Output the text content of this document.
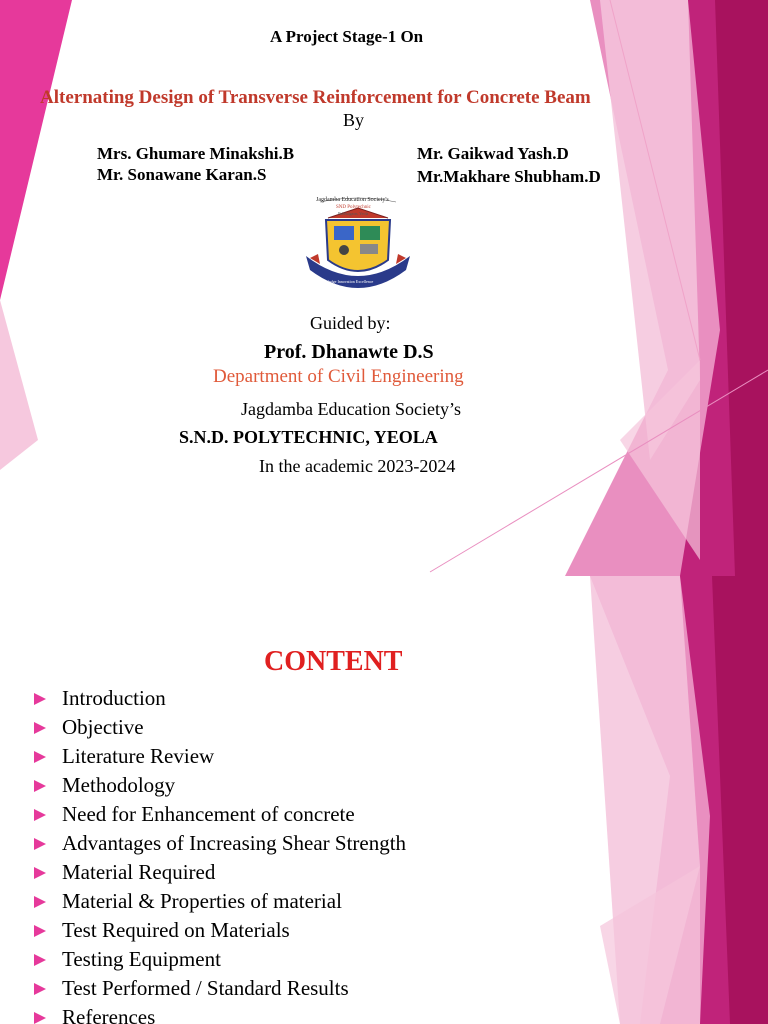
A Project Stage-1 On
Alternating Design of Transverse Reinforcement for Concrete Beam
By
Mrs. Ghumare Minakshi.B
Mr. Sonawane Karan.S
Mr. Gaikwad Yash.D
Mr.Makhare Shubham.D
Jagdamba Education Society's
SND Polytechnic
Babhulgaon, Yeola
Knowledge Innovation Excellence
Guided by:
Prof. Dhanawte D.S
Department of Civil Engineering
Jagdamba Education Society’s
S.N.D. POLYTECHNIC, YEOLA
In the academic 2023-2024
CONTENT
Introduction
Objective
Literature Review
Methodology
Need for Enhancement of concrete
Advantages of Increasing Shear Strength
Material Required
Material & Properties of material
Test Required on Materials
Testing Equipment
Test Performed / Standard Results
References
